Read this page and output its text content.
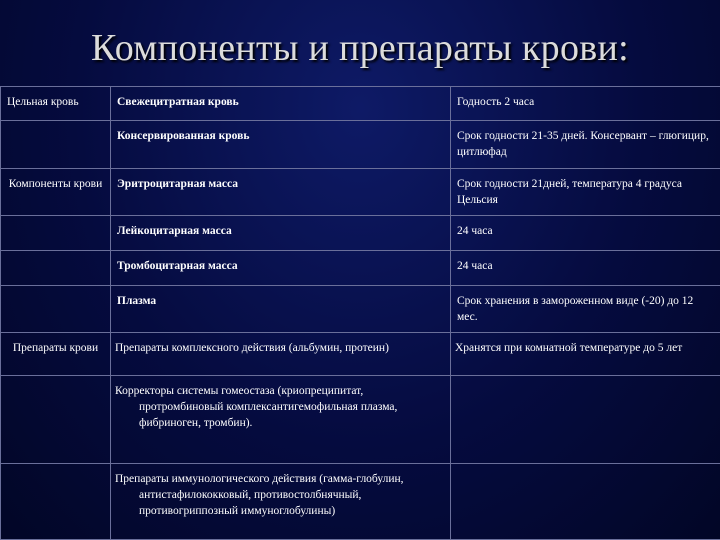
Компоненты и препараты крови:
Цельная кровь	Свежецитратная кровь	Годность 2 часа
	Консервированная кровь	Срок годности 21-35 дней. Консервант – глюгицир, цитлюфад
Компоненты крови	Эритроцитарная масса	Срок годности 21дней, температура 4 градуса Цельсия
	Лейкоцитарная масса	24 часа
	Тромбоцитарная масса	24 часа
	Плазма	Срок хранения в замороженном виде (-20) до 12 мес.
Препараты крови	Препараты комплексного действия (альбумин, протеин)	Хранятся при комнатной температуре до 5 лет
	Корректоры системы гомеостаза (криопреципитат, протромбиновый комплексантигемофильная плазма, фибриноген, тромбин).	
	Препараты иммунологического действия (гамма-глобулин, антистафилококковый, противостолбнячный, противогриппозный иммуноглобулины)	
